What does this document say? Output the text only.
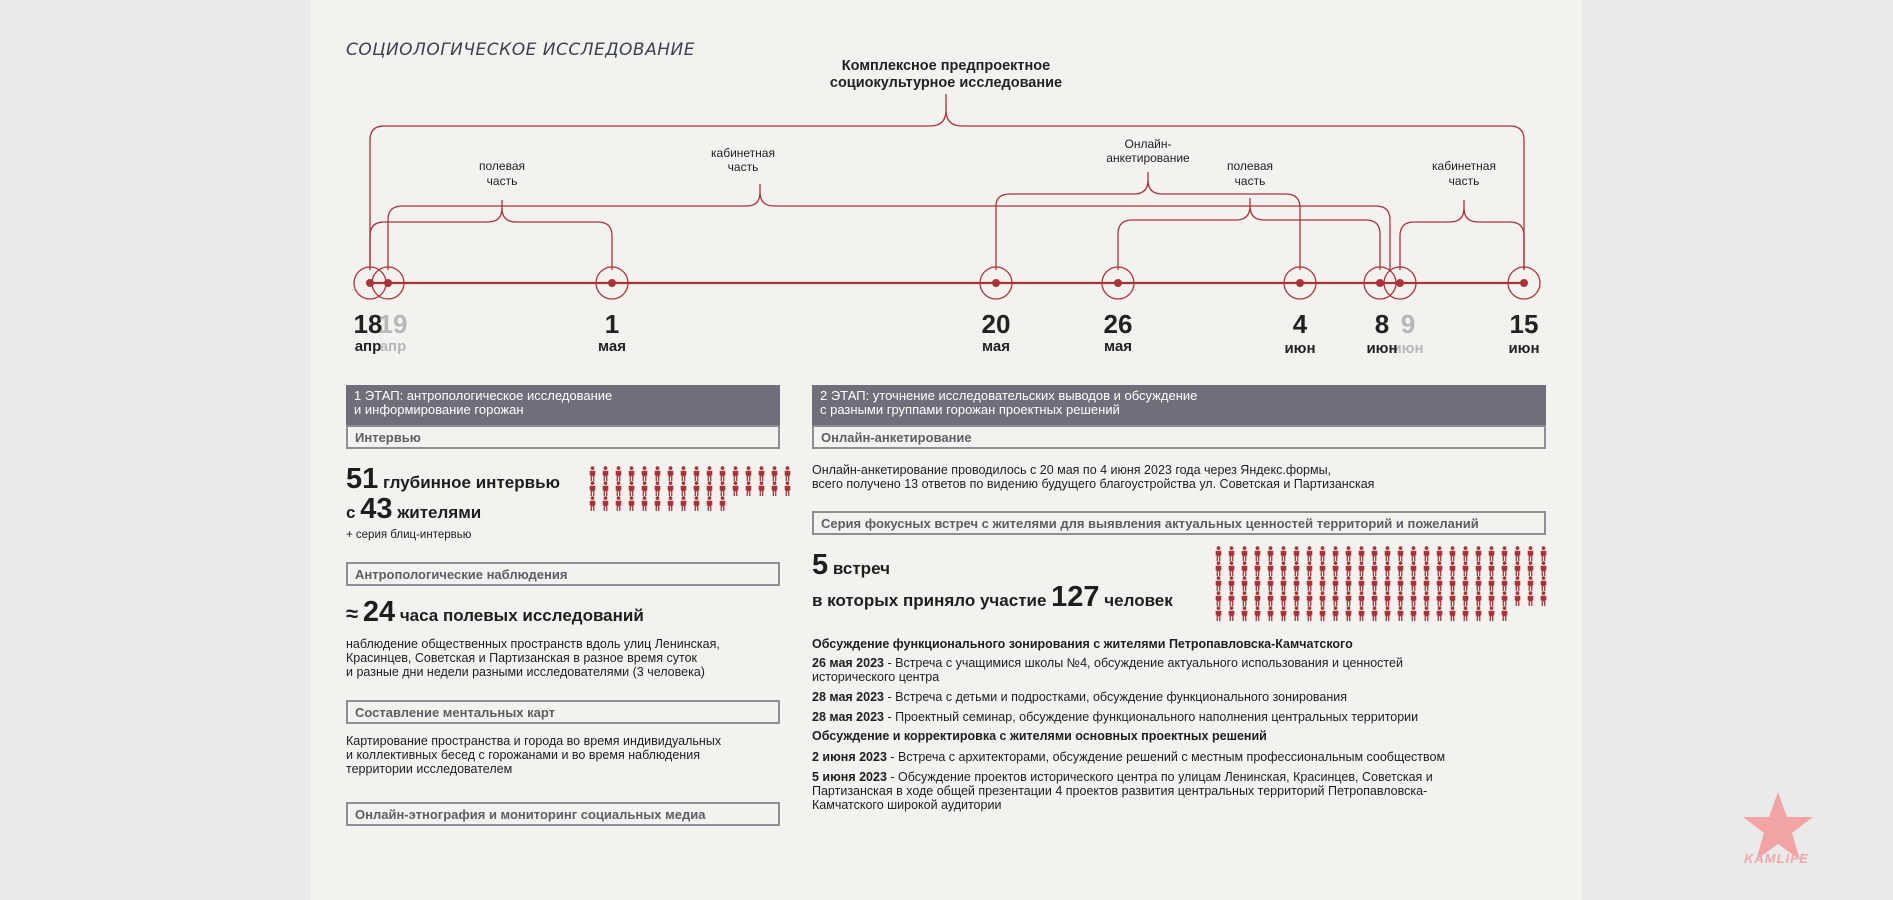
СОЦИОЛОГИЧЕСКОЕ ИССЛЕДОВАНИЕ
Комплексное предпроектное
социокультурное исследование
полевая
часть
кабинетная
часть
Онлайн-
анкетирование
полевая
часть
кабинетная
часть
18
апр
19
апр
1
мая
20
мая
26
мая
4
июн
9
июн
8
июн
15
июн
1 ЭТАП: антропологическое исследование
и информирование горожан
Интервью
51 глубинное интервью
с 43 жителями
+ серия блиц-интервью
Антропологические наблюдения
≈ 24 часа полевых исследований
наблюдение общественных пространств вдоль улиц Ленинская,
Красинцев, Советская и Партизанская в разное время суток
и разные дни недели разными исследователями (3 человека)
Составление ментальных карт
Картирование пространства и города во время индивидуальных
и коллективных бесед с горожанами и во время наблюдения
территории исследователем
Онлайн-этнография и мониторинг социальных медиа
2 ЭТАП: уточнение исследовательских выводов и обсуждение
с разными группами горожан проектных решений
Онлайн-анкетирование
Онлайн-анкетирование проводилось с 20 мая по 4 июня 2023 года через Яндекс.формы,
всего получено 13 ответов по видению будущего благоустройства ул. Советская и Партизанская
Серия фокусных встреч с жителями для выявления актуальных ценностей территорий и пожеланий
5 встреч
в которых приняло участие 127 человек
Обсуждение функционального зонирования с жителями Петропавловска-Камчатского
26 мая 2023 - Встреча с учащимися школы №4, обсуждение актуального использования и ценностей
исторического центра
28 мая 2023 - Встреча с детьми и подростками, обсуждение функционального зонирования
28 мая 2023 - Проектный семинар, обсуждение функционального наполнения центральных территории
Обсуждение и корректировка с жителями основных проектных решений
2 июня 2023 - Встреча с архитекторами, обсуждение решений с местным профессиональным сообществом
5 июня 2023 - Обсуждение проектов исторического центра по улицам Ленинская, Красинцев, Советская и
Партизанская в ходе общей презентации 4 проектов развития центральных территорий Петропавловска-
Камчатского широкой аудитории
KAMLIFE
